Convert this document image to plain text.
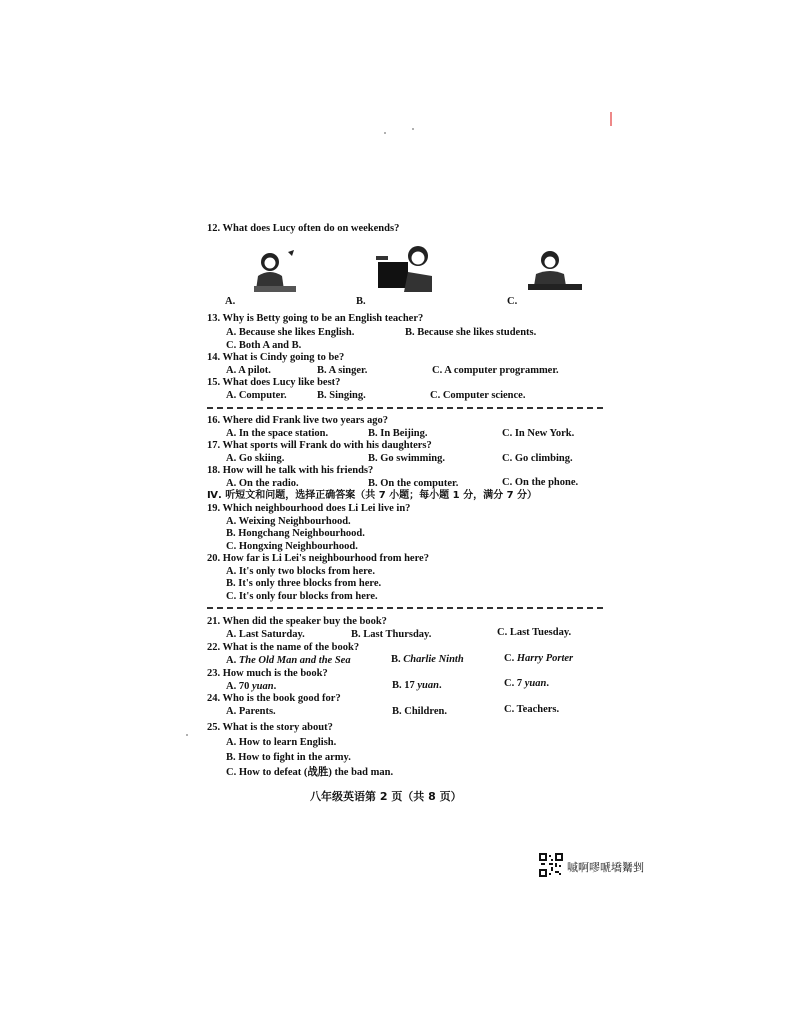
12. What does Lucy often do on weekends?
A.	B.	C.
13. Why is Betty going to be an English teacher?
A. Because she likes English.	B. Because she likes students.
C. Both A and B.
14. What is Cindy going to be?
A. A pilot.	B. A singer.	C. A computer programmer.
15. What does Lucy like best?
A. Computer.	B. Singing.	C. Computer science.
16. Where did Frank live two years ago?
A. In the space station.	B. In Beijing.	C. In New York.
17. What sports will Frank do with his daughters?
A. Go skiing.	B. Go swimming.	C. Go climbing.
18. How will he talk with his friends?
A. On the radio.	B. On the computer.	C. On the phone.
Ⅳ. 听短文和问题，选择正确答案（共 7 小题；每小题 1 分，满分 7 分）
19. Which neighbourhood does Li Lei live in?
A. Weixing Neighbourhood.
B. Hongchang Neighbourhood.
C. Hongxing Neighbourhood.
20. How far is Li Lei's neighbourhood from here?
A. It's only two blocks from here.
B. It's only three blocks from here.
C. It's only four blocks from here.
21. When did the speaker buy the book?
A. Last Saturday.	B. Last Thursday.	C. Last Tuesday.
22. What is the name of the book?
A. The Old Man and the Sea	B. Charlie Ninth	C. Harry Porter
23. How much is the book?
A. 70 yuan.	B. 17 yuan.	C. 7 yuan.
24. Who is the book good for?
A. Parents.	B. Children.	C. Teachers.
25. What is the story about?
A. How to learn English.
B. How to fight in the army.
C. How to defeat (战胜) the bad man.
八年级英语第 2 页（共 8 页）
嘁啊嘐嗁墧觺剉
